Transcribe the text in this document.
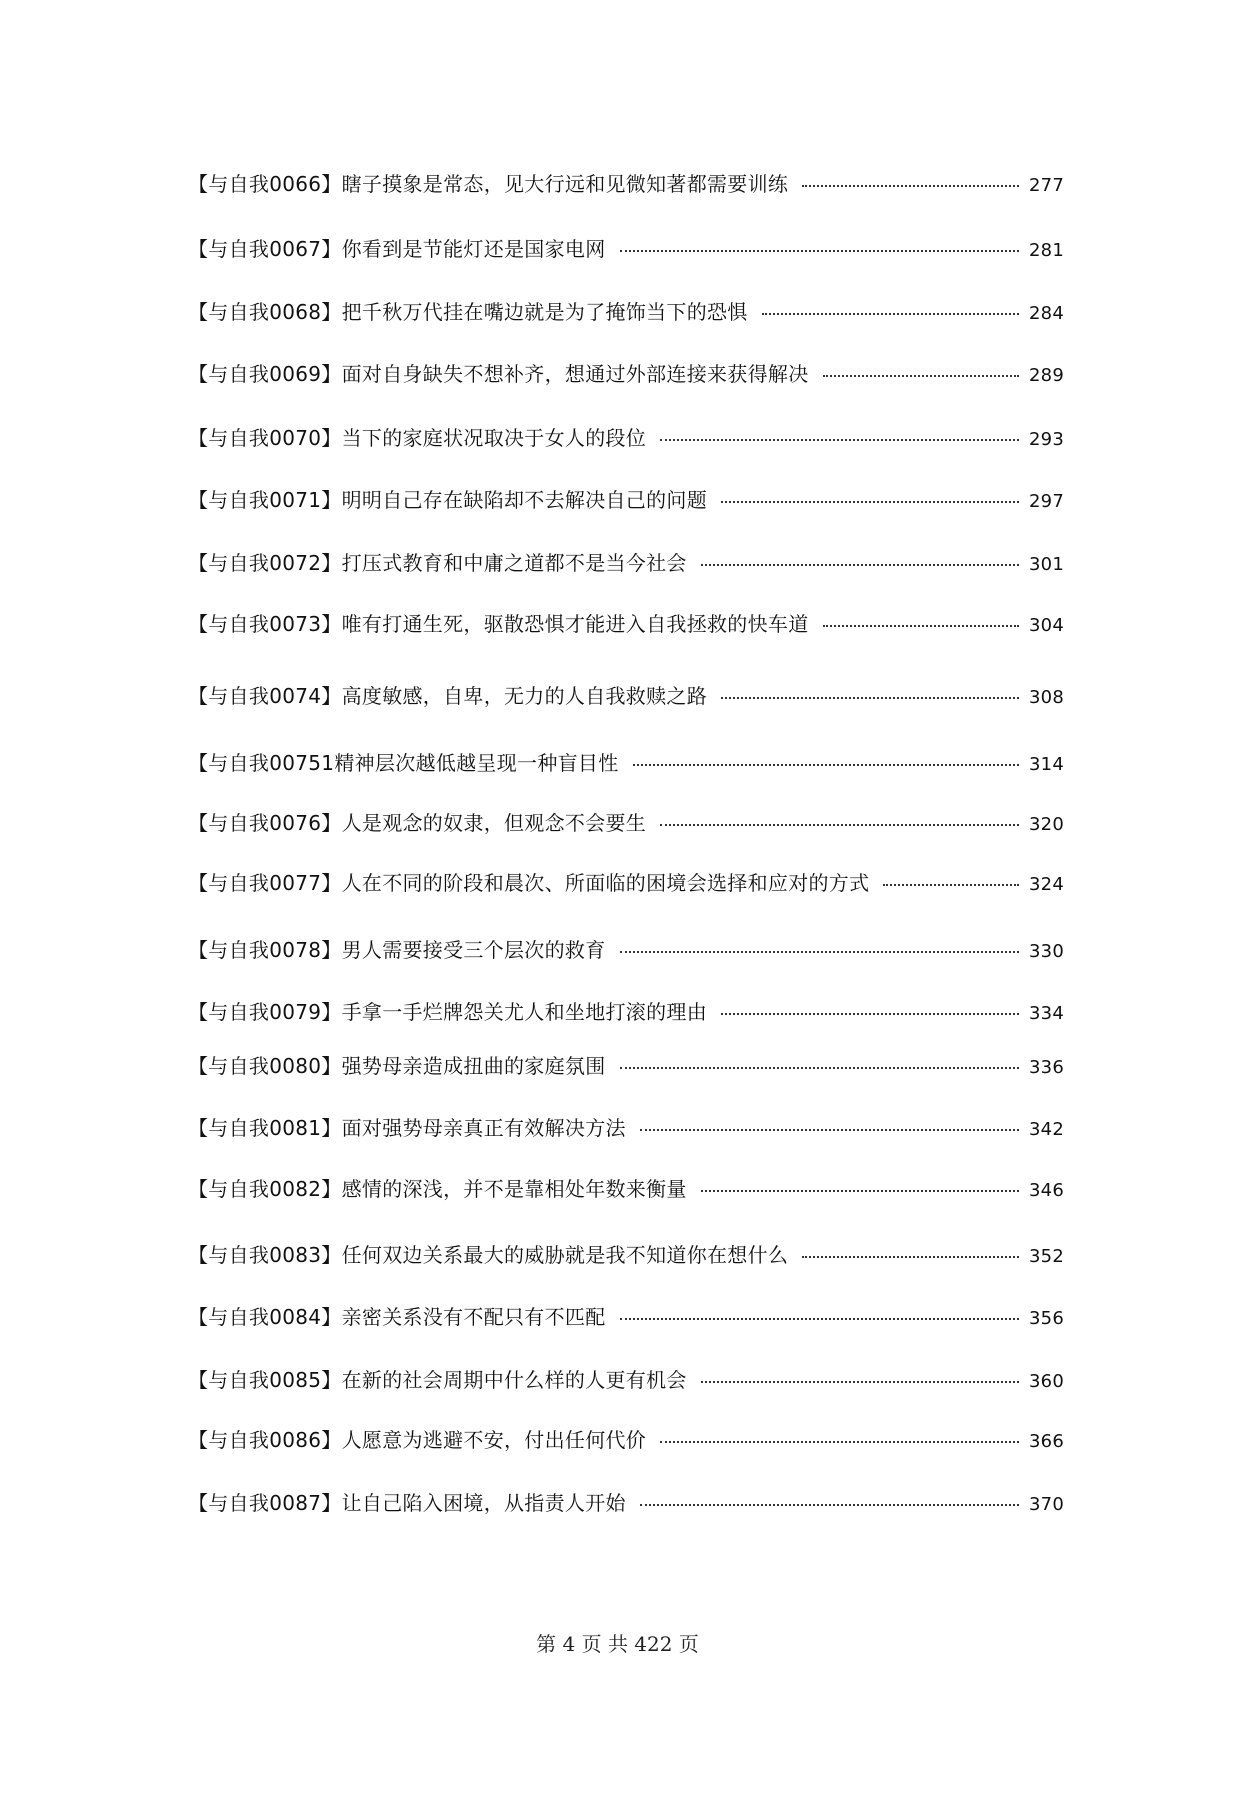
【与自我0066】瞎子摸象是常态，见大行远和见微知著都需要训练	277
【与自我0067】你看到是节能灯还是国家电网	281
【与自我0068】把千秋万代挂在嘴边就是为了掩饰当下的恐惧	284
【与自我0069】面对自身缺失不想补齐，想通过外部连接来获得解决	289
【与自我0070】当下的家庭状况取决于女人的段位	293
【与自我0071】明明自己存在缺陷却不去解决自己的问题	297
【与自我0072】打压式教育和中庸之道都不是当今社会	301
【与自我0073】唯有打通生死，驱散恐惧才能进入自我拯救的快车道	304
【与自我0074】高度敏感，自卑，无力的人自我救赎之路	308
【与自我00751精神层次越低越呈现一种盲目性	314
【与自我0076】人是观念的奴隶，但观念不会要生	320
【与自我0077】人在不同的阶段和晨次、所面临的困境会选择和应对的方式	324
【与自我0078】男人需要接受三个层次的救育	330
【与自我0079】手拿一手烂牌怨关尤人和坐地打滚的理由	334
【与自我0080】强势母亲造成扭曲的家庭氛围	336
【与自我0081】面对强势母亲真正有效解决方法	342
【与自我0082】感情的深浅，并不是靠相处年数来衡量	346
【与自我0083】任何双边关系最大的威胁就是我不知道你在想什么	352
【与自我0084】亲密关系没有不配只有不匹配	356
【与自我0085】在新的社会周期中什么样的人更有机会	360
【与自我0086】人愿意为逃避不安，付出任何代价	366
【与自我0087】让自己陷入困境，从指责人开始	370
第 4 页 共 422 页
